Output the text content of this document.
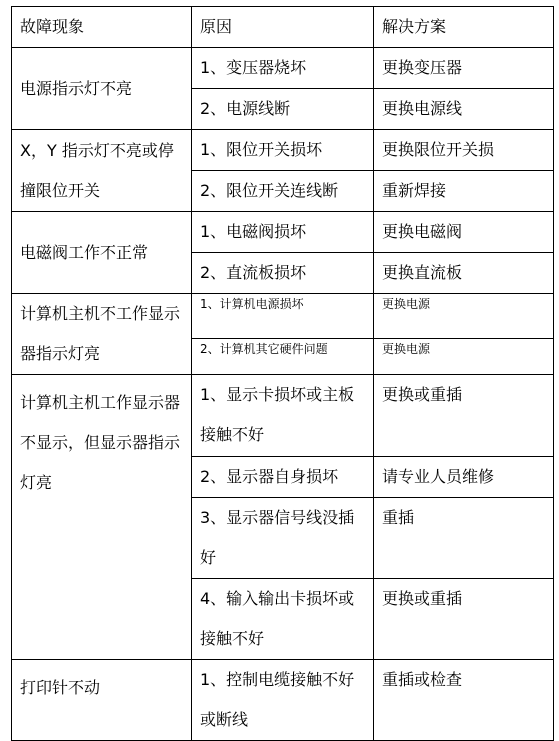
故障现象	原因	解决方案
电源指示灯不亮	1、变压器烧坏	更换变压器
	2、电源线断	更换电源线
X，Y 指示灯不亮或停撞限位开关	1、限位开关损坏	更换限位开关损
	2、限位开关连线断	重新焊接
电磁阀工作不正常	1、电磁阀损坏	更换电磁阀
	2、直流板损坏	更换直流板
计算机主机不工作显示器指示灯亮	1、计算机电源损坏	更换电源
	2、计算机其它硬件问题	更换电源
计算机主机工作显示器不显示，但显示器指示灯亮	1、显示卡损坏或主板接触不好	更换或重插
	2、显示器自身损坏	请专业人员维修
	3、显示器信号线没插好	重插
	4、输入输出卡损坏或接触不好	更换或重插
打印针不动	1、控制电缆接触不好或断线	重插或检查
